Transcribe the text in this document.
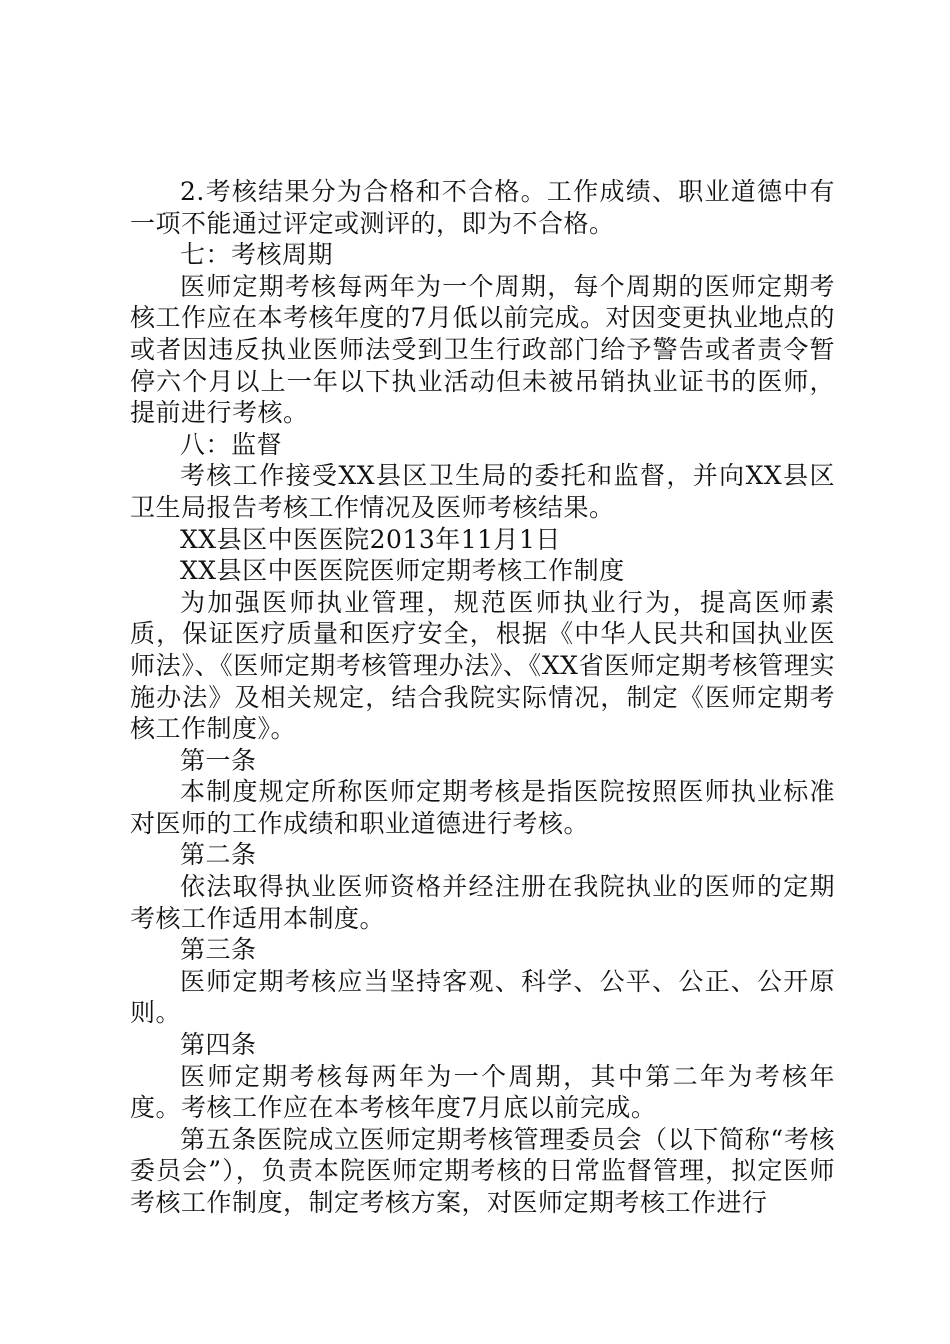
2.考核结果分为合格和不合格。工作成绩、职业道德中有一项不能通过评定或测评的，即为不合格。

七：考核周期

医师定期考核每两年为一个周期，每个周期的医师定期考核工作应在本考核年度的7月低以前完成。对因变更执业地点的或者因违反执业医师法受到卫生行政部门给予警告或者责令暂停六个月以上一年以下执业活动但未被吊销执业证书的医师，提前进行考核。

八：监督

考核工作接受XX县区卫生局的委托和监督，并向XX县区卫生局报告考核工作情况及医师考核结果。

XX县区中医医院2013年11月1日

XX县区中医医院医师定期考核工作制度

为加强医师执业管理，规范医师执业行为，提高医师素质，保证医疗质量和医疗安全，根据《中华人民共和国执业医师法》、《医师定期考核管理办法》、《XX省医师定期考核管理实施办法》及相关规定，结合我院实际情况，制定《医师定期考核工作制度》。

第一条

本制度规定所称医师定期考核是指医院按照医师执业标准对医师的工作成绩和职业道德进行考核。

第二条

依法取得执业医师资格并经注册在我院执业的医师的定期考核工作适用本制度。

第三条

医师定期考核应当坚持客观、科学、公平、公正、公开原则。

第四条

医师定期考核每两年为一个周期，其中第二年为考核年度。考核工作应在本考核年度7月底以前完成。

第五条医院成立医师定期考核管理委员会（以下简称“考核委员会”），负责本院医师定期考核的日常监督管理，拟定医师考核工作制度，制定考核方案，对医师定期考核工作进行
